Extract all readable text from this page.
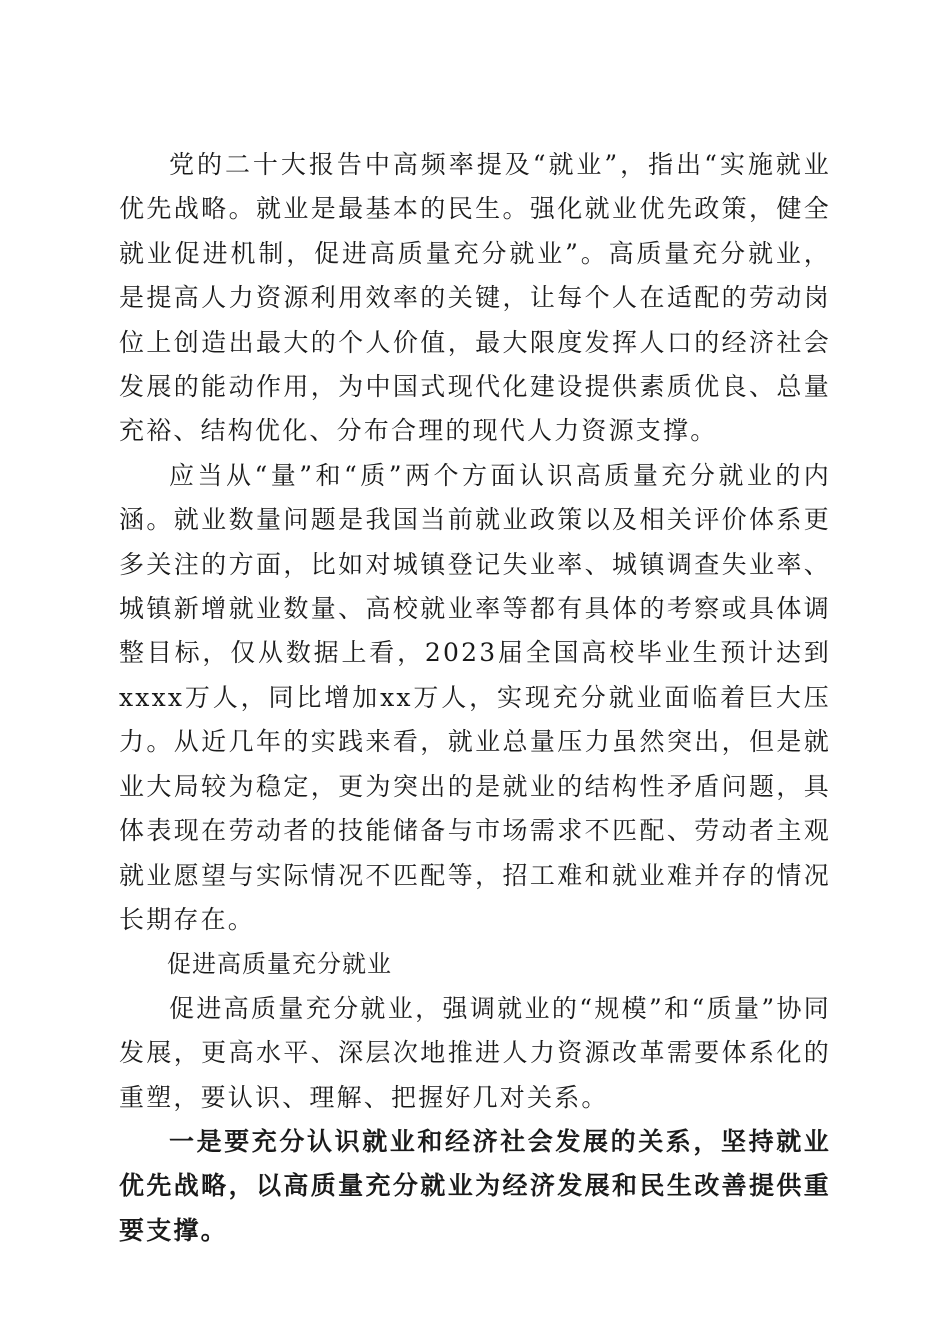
党的二十大报告中高频率提及“就业”，指出“实施就业优先战略。就业是最基本的民生。强化就业优先政策，健全就业促进机制，促进高质量充分就业”。高质量充分就业，是提高人力资源利用效率的关键，让每个人在适配的劳动岗位上创造出最大的个人价值，最大限度发挥人口的经济社会发展的能动作用，为中国式现代化建设提供素质优良、总量充裕、结构优化、分布合理的现代人力资源支撑。

应当从“量”和“质”两个方面认识高质量充分就业的内涵。就业数量问题是我国当前就业政策以及相关评价体系更多关注的方面，比如对城镇登记失业率、城镇调查失业率、城镇新增就业数量、高校就业率等都有具体的考察或具体调整目标，仅从数据上看，2023届全国高校毕业生预计达到xxxx万人，同比增加xx万人，实现充分就业面临着巨大压力。从近几年的实践来看，就业总量压力虽然突出，但是就业大局较为稳定，更为突出的是就业的结构性矛盾问题，具体表现在劳动者的技能储备与市场需求不匹配、劳动者主观就业愿望与实际情况不匹配等，招工难和就业难并存的情况长期存在。

促进高质量充分就业

促进高质量充分就业，强调就业的“规模”和“质量”协同发展，更高水平、深层次地推进人力资源改革需要体系化的重塑，要认识、理解、把握好几对关系。

一是要充分认识就业和经济社会发展的关系，坚持就业优先战略，以高质量充分就业为经济发展和民生改善提供重要支撑。
